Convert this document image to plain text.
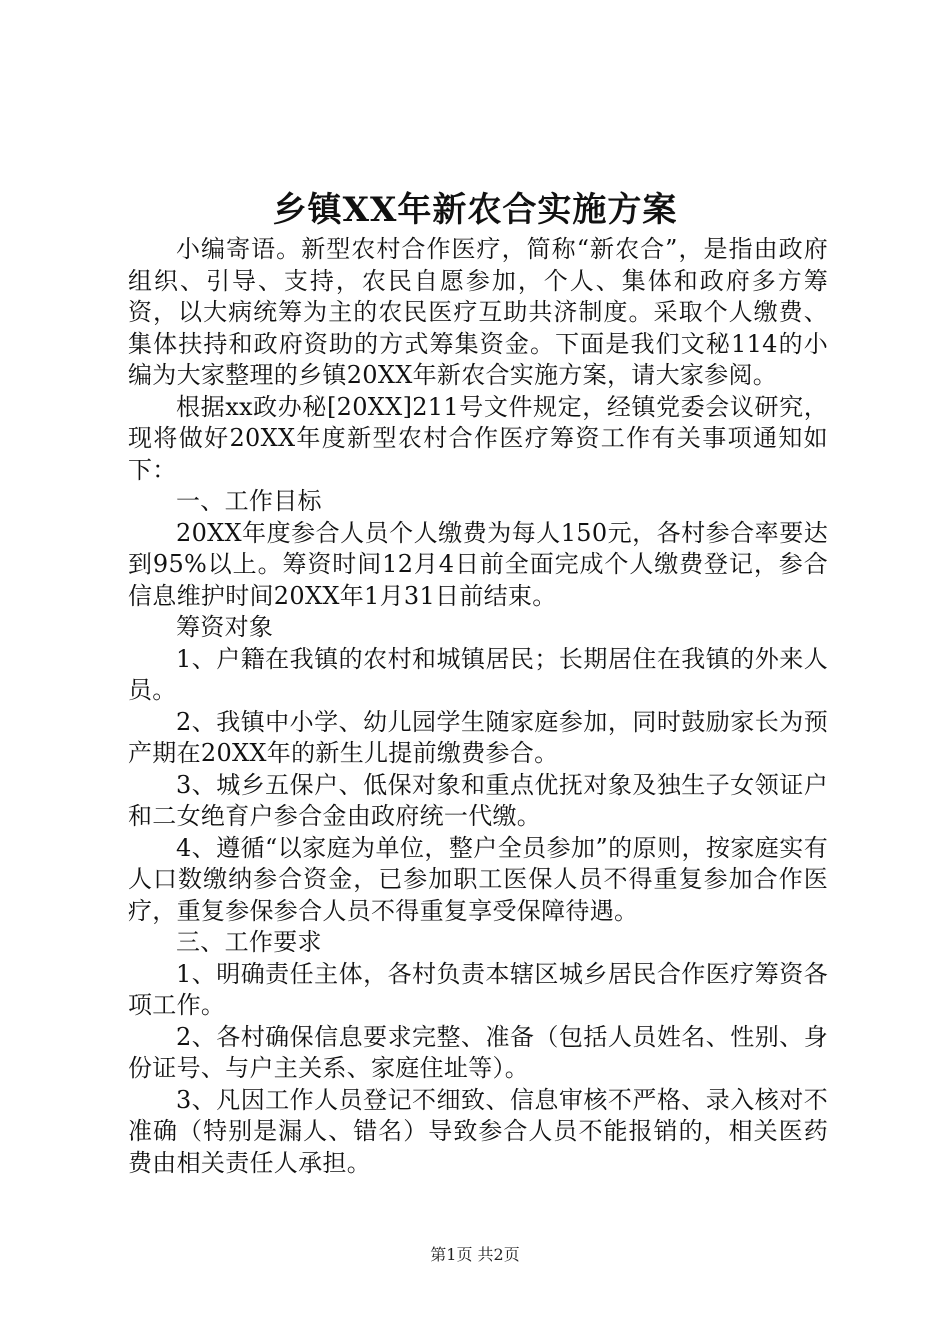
乡镇XX年新农合实施方案

小编寄语。新型农村合作医疗，简称“新农合”，是指由政府组织、引导、支持，农民自愿参加，个人、集体和政府多方筹资，以大病统筹为主的农民医疗互助共济制度。采取个人缴费、集体扶持和政府资助的方式筹集资金。下面是我们文秘114的小编为大家整理的乡镇20XX年新农合实施方案，请大家参阅。

根据xx政办秘[20XX]211号文件规定，经镇党委会议研究，现将做好20XX年度新型农村合作医疗筹资工作有关事项通知如下：

一、工作目标

20XX年度参合人员个人缴费为每人150元，各村参合率要达到95%以上。筹资时间12月4日前全面完成个人缴费登记，参合信息维护时间20XX年1月31日前结束。

筹资对象

1、户籍在我镇的农村和城镇居民；长期居住在我镇的外来人员。

2、我镇中小学、幼儿园学生随家庭参加，同时鼓励家长为预产期在20XX年的新生儿提前缴费参合。

3、城乡五保户、低保对象和重点优抚对象及独生子女领证户和二女绝育户参合金由政府统一代缴。

4、遵循“以家庭为单位，整户全员参加”的原则，按家庭实有人口数缴纳参合资金，已参加职工医保人员不得重复参加合作医疗，重复参保参合人员不得重复享受保障待遇。

三、工作要求

1、明确责任主体，各村负责本辖区城乡居民合作医疗筹资各项工作。

2、各村确保信息要求完整、准备（包括人员姓名、性别、身份证号、与户主关系、家庭住址等）。

3、凡因工作人员登记不细致、信息审核不严格、录入核对不准确（特别是漏人、错名）导致参合人员不能报销的，相关医药费由相关责任人承担。

第1页 共2页
